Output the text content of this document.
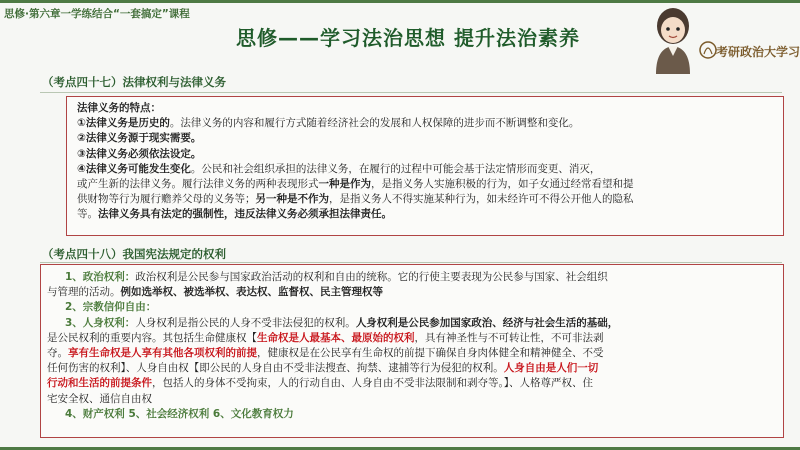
思修·第六章一学练结合“一套搞定”课程
思修——学习法治思想 提升法治素养
考研政治大学习
（考点四十七）法律权利与法律义务
法律义务的特点：
①法律义务是历史的。法律义务的内容和履行方式随着经济社会的发展和人权保障的进步而不断调整和变化。
②法律义务源于现实需要。
③法律义务必须依法设定。
④法律义务可能发生变化。公民和社会组织承担的法律义务，在履行的过程中可能会基于法定情形而变更、消灭，
或产生新的法律义务。履行法律义务的两种表现形式一种是作为，是指义务人实施积极的行为，如子女通过经常看望和提
供财物等行为履行赡养父母的义务等；另一种是不作为，是指义务人不得实施某种行为，如未经许可不得公开他人的隐私
等。法律义务具有法定的强制性，违反法律义务必须承担法律责任。
（考点四十八）我国宪法规定的权利
1、政治权利：政治权利是公民参与国家政治活动的权利和自由的统称。它的行使主要表现为公民参与国家、社会组织
与管理的活动。例如选举权、被选举权、表达权、监督权、民主管理权等
2、宗教信仰自由：
3、人身权利：人身权利是指公民的人身不受非法侵犯的权利。人身权利是公民参加国家政治、经济与社会生活的基础，
是公民权利的重要内容。其包括生命健康权【生命权是人最基本、最原始的权利，具有神圣性与不可转让性，不可非法剥
夺。享有生命权是人享有其他各项权利的前提，健康权是在公民享有生命权的前提下确保自身肉体健全和精神健全、不受
任何伤害的权利】、人身自由权【即公民的人身自由不受非法搜查、拘禁、逮捕等行为侵犯的权利。人身自由是人们一切
行动和生活的前提条件，包括人的身体不受拘束，人的行动自由、人身自由不受非法限制和剥夺等。】、人格尊严权、住
宅安全权、通信自由权
4、财产权利 5、社会经济权利 6、文化教育权力
